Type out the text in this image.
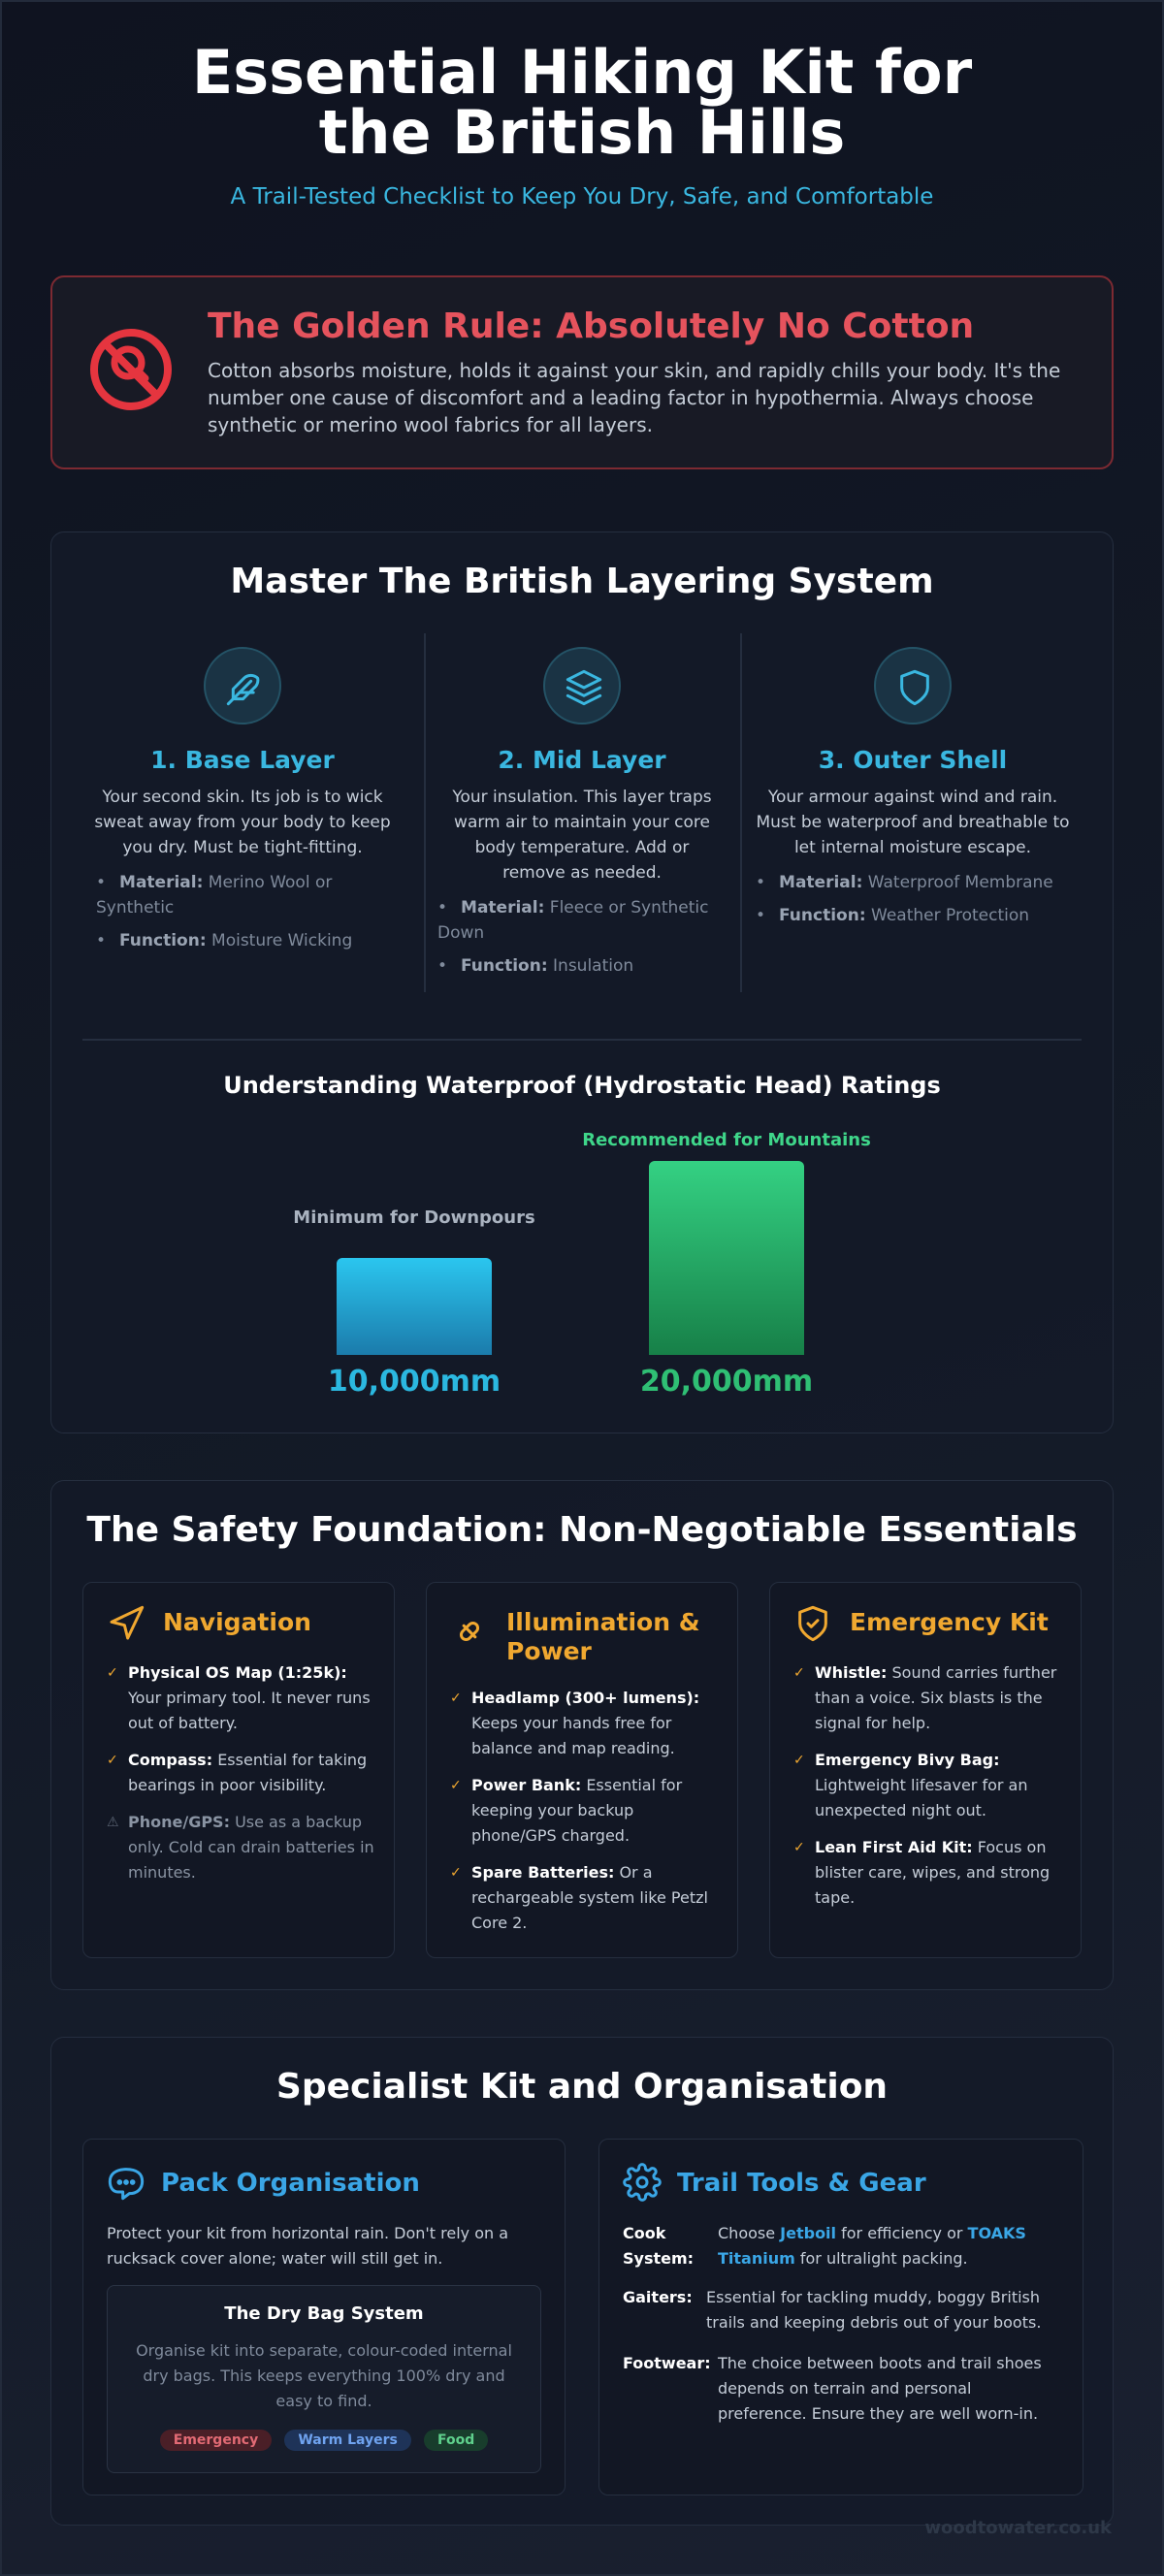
Essential Hiking Kit for the British Hills
A Trail-Tested Checklist to Keep You Dry, Safe, and Comfortable
The Golden Rule: Absolutely No Cotton
Cotton absorbs moisture, holds it against your skin, and rapidly chills your body. It's the number one cause of discomfort and a leading factor in hypothermia. Always choose synthetic or merino wool fabrics for all layers.
Master The British Layering System
1. Base Layer
Your second skin. Its job is to wick sweat away from your body to keep you dry. Must be tight-fitting.
• Material: Merino Wool or Synthetic
• Function: Moisture Wicking
2. Mid Layer
Your insulation. This layer traps warm air to maintain your core body temperature. Add or remove as needed.
• Material: Fleece or Synthetic Down
• Function: Insulation
3. Outer Shell
Your armour against wind and rain. Must be waterproof and breathable to let internal moisture escape.
• Material: Waterproof Membrane
• Function: Weather Protection
Understanding Waterproof (Hydrostatic Head) Ratings
Minimum for Downpours
10,000mm
Recommended for Mountains
20,000mm
The Safety Foundation: Non-Negotiable Essentials
Navigation
✓ Physical OS Map (1:25k): Your primary tool. It never runs out of battery.
✓ Compass: Essential for taking bearings in poor visibility.
⚠ Phone/GPS: Use as a backup only. Cold can drain batteries in minutes.
Illumination & Power
✓ Headlamp (300+ lumens): Keeps your hands free for balance and map reading.
✓ Power Bank: Essential for keeping your backup phone/GPS charged.
✓ Spare Batteries: Or a rechargeable system like Petzl Core 2.
Emergency Kit
✓ Whistle: Sound carries further than a voice. Six blasts is the signal for help.
✓ Emergency Bivy Bag: Lightweight lifesaver for an unexpected night out.
✓ Lean First Aid Kit: Focus on blister care, wipes, and strong tape.
Specialist Kit and Organisation
Pack Organisation
Protect your kit from horizontal rain. Don't rely on a rucksack cover alone; water will still get in.
The Dry Bag System
Organise kit into separate, colour-coded internal dry bags. This keeps everything 100% dry and easy to find.
Emergency	Warm Layers	Food
Trail Tools & Gear
Cook System:
Choose Jetboil for efficiency or TOAKS Titanium for ultralight packing.
Gaiters: Essential for tackling muddy, boggy British trails and keeping debris out of your boots.
Footwear: The choice between boots and trail shoes depends on terrain and personal preference. Ensure they are well worn-in.
woodtowater.co.uk
